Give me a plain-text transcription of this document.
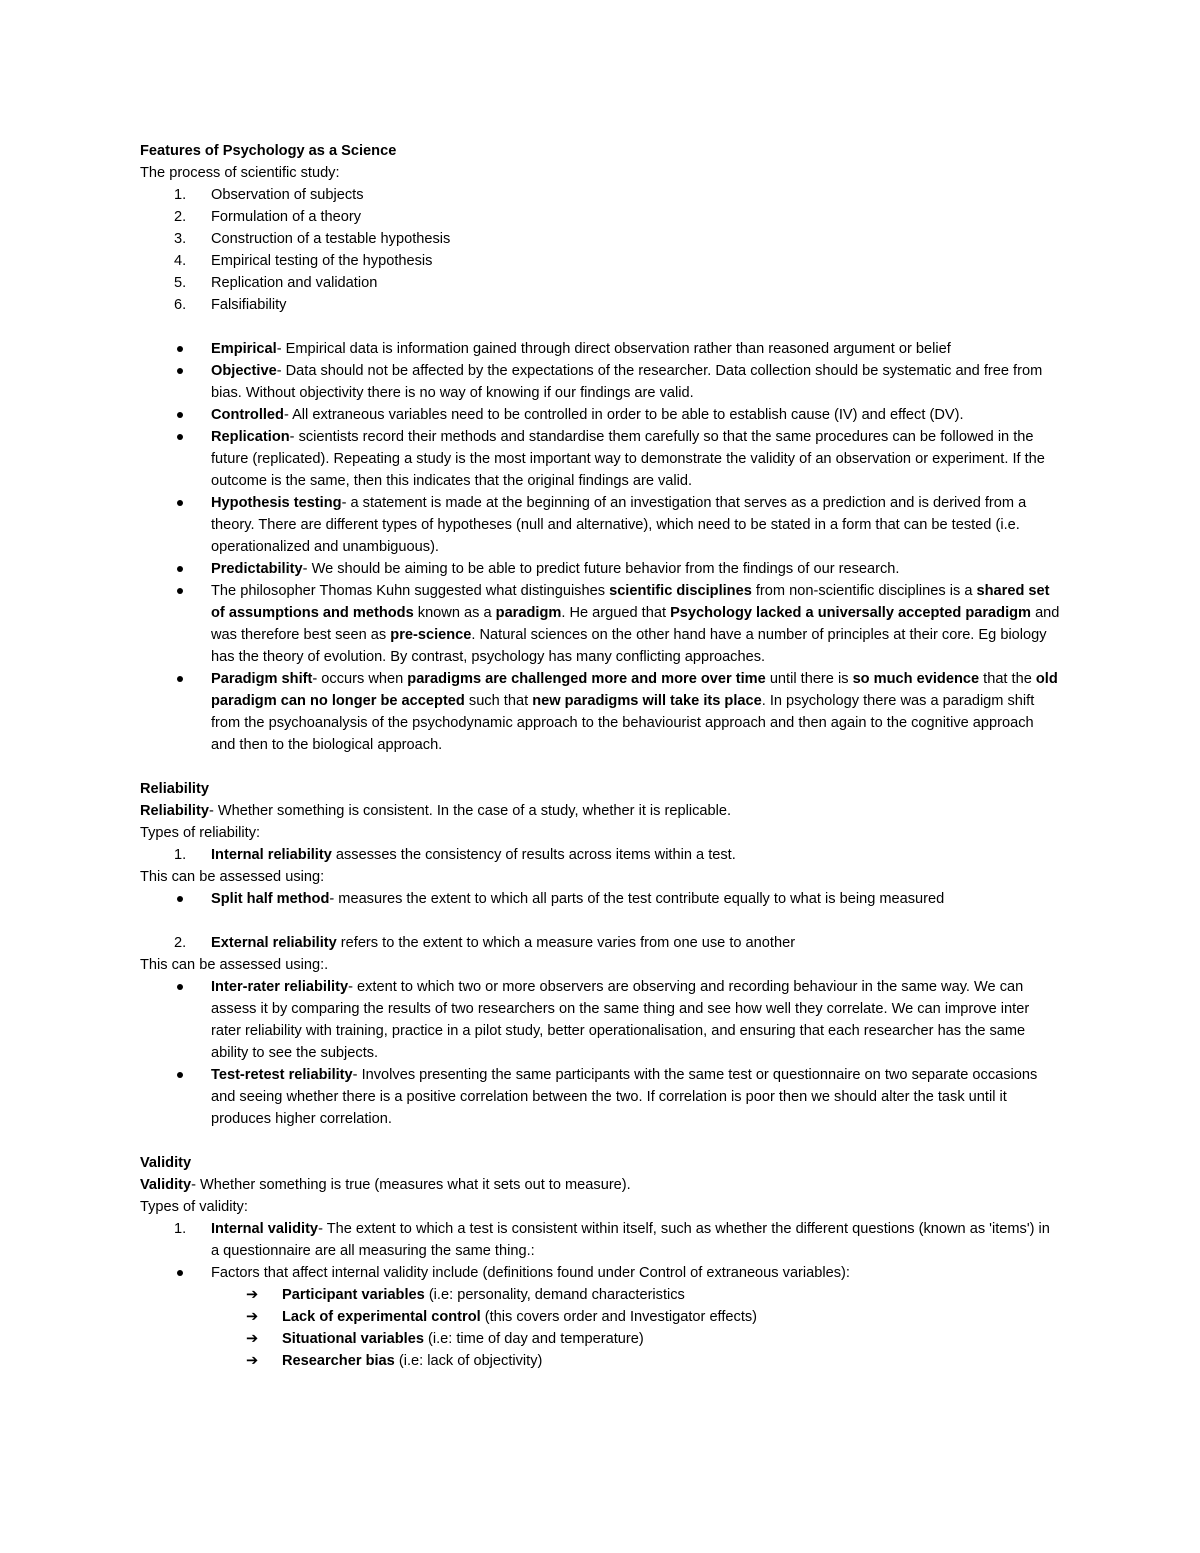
Features of Psychology as a Science
The process of scientific study:
1.	Observation of subjects
2.	Formulation of a theory
3.	Construction of a testable hypothesis
4.	Empirical testing of the hypothesis
5.	Replication and validation
6.	Falsifiability
Empirical- Empirical data is information gained through direct observation rather than reasoned argument or belief
Objective- Data should not be affected by the expectations of the researcher. Data collection should be systematic and free from bias. Without objectivity there is no way of knowing if our findings are valid.
Controlled- All extraneous variables need to be controlled in order to be able to establish cause (IV) and effect (DV).
Replication- scientists record their methods and standardise them carefully so that the same procedures can be followed in the future (replicated). Repeating a study is the most important way to demonstrate the validity of an observation or experiment. If the outcome is the same, then this indicates that the original findings are valid.
Hypothesis testing- a statement is made at the beginning of an investigation that serves as a prediction and is derived from a theory. There are different types of hypotheses (null and alternative), which need to be stated in a form that can be tested (i.e. operationalized and unambiguous).
Predictability- We should be aiming to be able to predict future behavior from the findings of our research.
The philosopher Thomas Kuhn suggested what distinguishes scientific disciplines from non-scientific disciplines is a shared set of assumptions and methods known as a paradigm. He argued that Psychology lacked a universally accepted paradigm and was therefore best seen as pre-science. Natural sciences on the other hand have a number of principles at their core. Eg biology has the theory of evolution. By contrast, psychology has many conflicting approaches.
Paradigm shift- occurs when paradigms are challenged more and more over time until there is so much evidence that the old paradigm can no longer be accepted such that new paradigms will take its place. In psychology there was a paradigm shift from the psychoanalysis of the psychodynamic approach to the behaviourist approach and then again to the cognitive approach and then to the biological approach.
Reliability
Reliability- Whether something is consistent. In the case of a study, whether it is replicable.
Types of reliability:
1.	Internal reliability assesses the consistency of results across items within a test.
This can be assessed using:
Split half method- measures the extent to which all parts of the test contribute equally to what is being measured
2.	External reliability refers to the extent to which a measure varies from one use to another
This can be assessed using:.
Inter-rater reliability- extent to which two or more observers are observing and recording behaviour in the same way. We can assess it by comparing the results of two researchers on the same thing and see how well they correlate. We can improve inter rater reliability with training, practice in a pilot study, better operationalisation, and ensuring that each researcher has the same ability to see the subjects.
Test-retest reliability- Involves presenting the same participants with the same test or questionnaire on two separate occasions and seeing whether there is a positive correlation between the two. If correlation is poor then we should alter the task until it produces higher correlation.
Validity
Validity- Whether something is true (measures what it sets out to measure).
Types of validity:
1.	Internal validity- The extent to which a test is consistent within itself, such as whether the different questions (known as 'items') in a questionnaire are all measuring the same thing.:
Factors that affect internal validity include (definitions found under Control of extraneous variables):
➔ Participant variables (i.e: personality, demand characteristics
➔ Lack of experimental control (this covers order and Investigator effects)
➔ Situational variables (i.e: time of day and temperature)
➔ Researcher bias (i.e: lack of objectivity)
